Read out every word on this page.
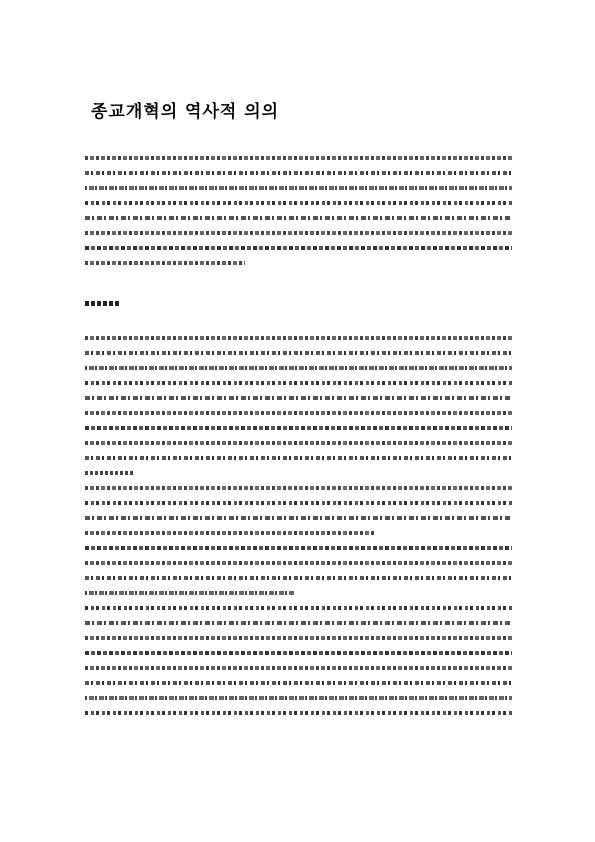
종교개혁의 역사적 의의
